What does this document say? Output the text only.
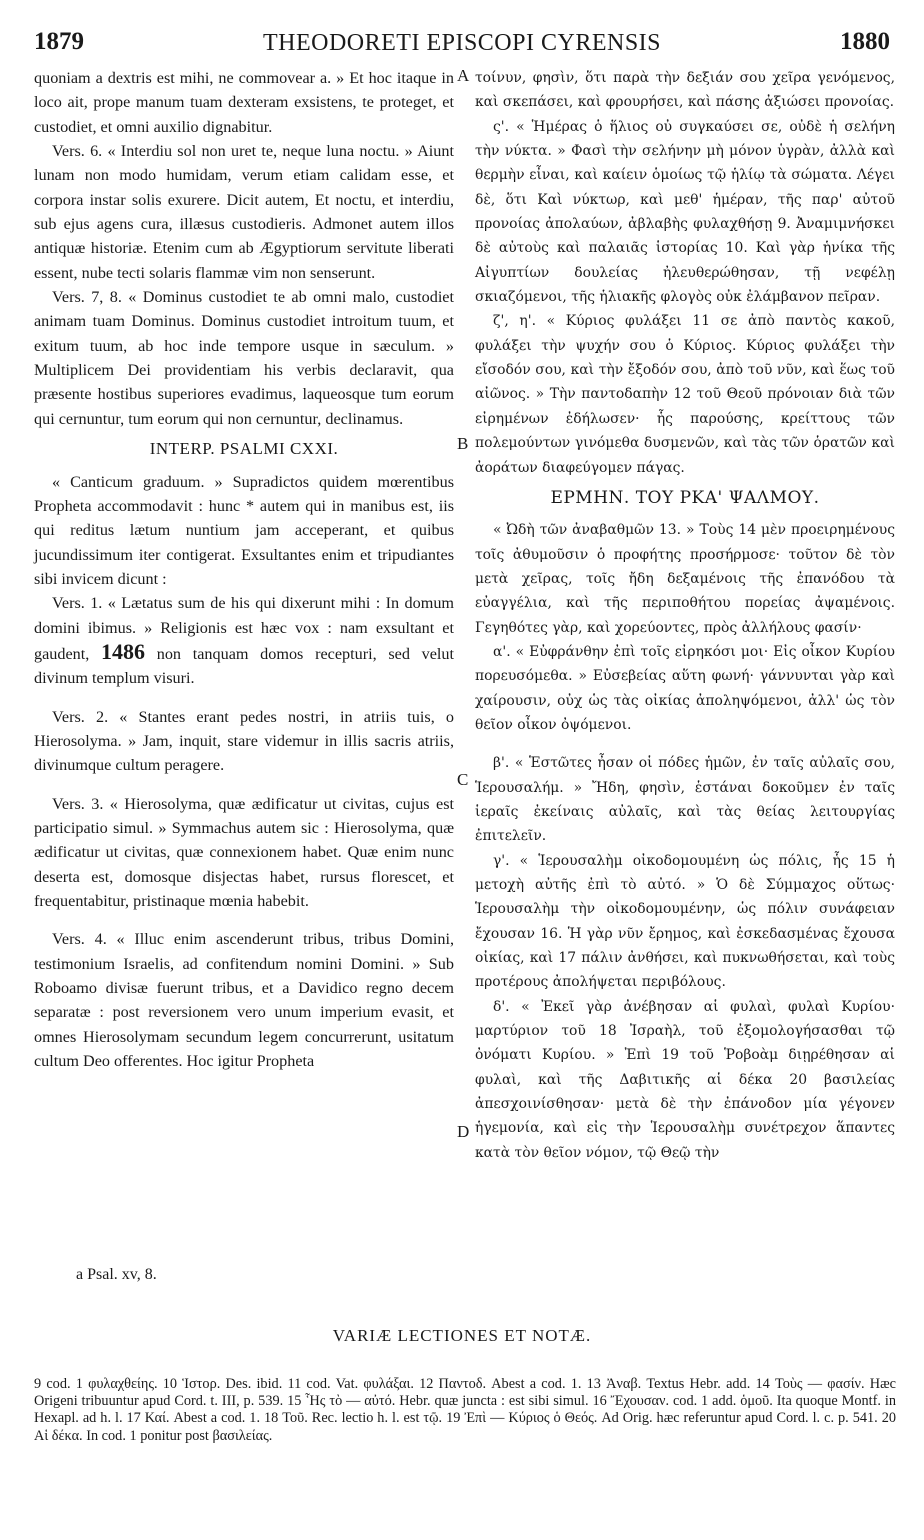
1879	THEODORETI EPISCOPI CYRENSIS	1880

quoniam a dextris est mihi, ne commovear a. » Et hoc itaque in loco ait, prope manum tuam dexteram exsistens, te proteget, et custodiet, et omni auxilio dignabitur.

Vers. 6. « Interdiu sol non uret te, neque luna noctu. » Aiunt lunam non modo humidam, verum etiam calidam esse, et corpora instar solis exurere. Dicit autem, Et noctu, et interdiu, sub ejus agens cura, illæsus custodieris. Admonet autem illos antiquæ historiæ. Etenim cum ab Ægyptiorum servitute liberati essent, nube tecti solaris flammæ vim non senserunt.

Vers. 7, 8. « Dominus custodiet te ab omni malo, custodiet animam tuam Dominus. Dominus custodiet introitum tuum, et exitum tuum, ab hoc inde tempore usque in sæculum. » Multiplicem Dei providentiam his verbis declaravit, qua præsente hostibus superiores evadimus, laqueosque tum eorum qui cernuntur, tum eorum qui non cernuntur, declinamus.

INTERP. PSALMI CXXI.

« Canticum graduum. » Supradictos quidem mœrentibus Propheta accommodavit : hunc * autem qui in manibus est, iis qui reditus lætum nuntium jam acceperant, et quibus jucundissimum iter contigerat. Exsultantes enim et tripudiantes sibi invicem dicunt :

Vers. 1. « Lætatus sum de his qui dixerunt mihi : In domum domini ibimus. » Religionis est hæc vox : nam exsultant et gaudent, 1486 non tanquam domos recepturi, sed velut divinum templum visuri.

Vers. 2. « Stantes erant pedes nostri, in atriis tuis, o Hierosolyma. » Jam, inquit, stare videmur in illis sacris atriis, divinumque cultum peragere.

Vers. 3. « Hierosolyma, quæ ædificatur ut civitas, cujus est participatio simul. » Symmachus autem sic : Hierosolyma, quæ ædificatur ut civitas, quæ connexionem habet. Quæ enim nunc deserta est, domosque disjectas habet, rursus florescet, et frequentabitur, pristinaque mœnia habebit.

Vers. 4. « Illuc enim ascenderunt tribus, tribus Domini, testimonium Israelis, ad confitendum nomini Domini. » Sub Roboamo divisæ fuerunt tribus, et a Davidico regno decem separatæ : post reversionem vero unum imperium evasit, et omnes Hierosolymam secundum legem concurrerunt, usitatum cultum Deo offerentes. Hoc igitur Propheta

A
B
C
D

τοίνυν, φησὶν, ὅτι παρὰ τὴν δεξιάν σου χεῖρα γενόμενος, καὶ σκεπάσει, καὶ φρουρήσει, καὶ πάσης ἀξιώσει προνοίας.

ς'. « Ἡμέρας ὁ ἥλιος οὐ συγκαύσει σε, οὐδὲ ἡ σελήνη τὴν νύκτα. » Φασὶ τὴν σελήνην μὴ μόνον ὑγρὰν, ἀλλὰ καὶ θερμὴν εἶναι, καὶ καίειν ὁμοίως τῷ ἡλίῳ τὰ σώματα. Λέγει δὲ, ὅτι Καὶ νύκτωρ, καὶ μεθ' ἡμέραν, τῆς παρ' αὐτοῦ προνοίας ἀπολαύων, ἀβλαβὴς φυλαχθήσῃ 9. Ἀναμιμνήσκει δὲ αὐτοὺς καὶ παλαιᾶς ἱστορίας 10. Καὶ γὰρ ἡνίκα τῆς Αἰγυπτίων δουλείας ἠλευθερώθησαν, τῇ νεφέλῃ σκιαζόμενοι, τῆς ἡλιακῆς φλογὸς οὐκ ἐλάμβανον πεῖραν.

ζ', η'. « Κύριος φυλάξει 11 σε ἀπὸ παντὸς κακοῦ, φυλάξει τὴν ψυχήν σου ὁ Κύριος. Κύριος φυλάξει τὴν εἴσοδόν σου, καὶ τὴν ἔξοδόν σου, ἀπὸ τοῦ νῦν, καὶ ἕως τοῦ αἰῶνος. » Τὴν παντοδαπὴν 12 τοῦ Θεοῦ πρόνοιαν διὰ τῶν εἰρημένων ἐδήλωσεν· ἧς παρούσης, κρείττους τῶν πολεμούντων γινόμεθα δυσμενῶν, καὶ τὰς τῶν ὁρατῶν καὶ ἀοράτων διαφεύγομεν πάγας.

ΕΡΜΗΝ. ΤΟΥ ΡΚΑ' ΨΑΛΜΟΥ.

« Ὠδὴ τῶν ἀναβαθμῶν 13. » Τοὺς 14 μὲν προειρημένους τοῖς ἀθυμοῦσιν ὁ προφήτης προσήρμοσε· τοῦτον δὲ τὸν μετὰ χεῖρας, τοῖς ἤδη δεξαμένοις τῆς ἐπανόδου τὰ εὐαγγέλια, καὶ τῆς περιποθήτου πορείας ἀψαμένοις. Γεγηθότες γὰρ, καὶ χορεύοντες, πρὸς ἀλλήλους φασίν·

α'. « Εὐφράνθην ἐπὶ τοῖς εἰρηκόσι μοι· Εἰς οἶκον Κυρίου πορευσόμεθα. » Εὐσεβείας αὕτη φωνή· γάννυνται γὰρ καὶ χαίρουσιν, οὐχ ὡς τὰς οἰκίας ἀποληψόμενοι, ἀλλ' ὡς τὸν θεῖον οἶκον ὀψόμενοι.

β'. « Ἑστῶτες ἦσαν οἱ πόδες ἡμῶν, ἐν ταῖς αὐλαῖς σου, Ἱερουσαλήμ. » Ἤδη, φησὶν, ἑστάναι δοκοῦμεν ἐν ταῖς ἱεραῖς ἐκείναις αὐλαῖς, καὶ τὰς θείας λειτουργίας ἐπιτελεῖν.

γ'. « Ἱερουσαλὴμ οἰκοδομουμένη ὡς πόλις, ἧς 15 ἡ μετοχὴ αὐτῆς ἐπὶ τὸ αὐτό. » Ὁ δὲ Σύμμαχος οὕτως· Ἱερουσαλὴμ τὴν οἰκοδομουμένην, ὡς πόλιν συνάφειαν ἔχουσαν 16. Ἡ γὰρ νῦν ἔρημος, καὶ ἐσκεδασμένας ἔχουσα οἰκίας, καὶ 17 πάλιν ἀνθήσει, καὶ πυκνωθήσεται, καὶ τοὺς προτέρους ἀπολήψεται περιβόλους.

δ'. « Ἐκεῖ γὰρ ἀνέβησαν αἱ φυλαὶ, φυλαὶ Κυρίου· μαρτύριον τοῦ 18 Ἰσραὴλ, τοῦ ἐξομολογήσασθαι τῷ ὀνόματι Κυρίου. » Ἐπὶ 19 τοῦ Ῥοβοὰμ διῃρέθησαν αἱ φυλαὶ, καὶ τῆς Δαβιτικῆς αἱ δέκα 20 βασιλείας ἀπεσχοινίσθησαν· μετὰ δὲ τὴν ἐπάνοδον μία γέγονεν ἡγεμονία, καὶ εἰς τὴν Ἱερουσαλὴμ συνέτρεχον ἅπαντες κατὰ τὸν θεῖον νόμον, τῷ Θεῷ τὴν

a Psal. xv, 8.
VARIÆ LECTIONES ET NOTÆ.

9 cod. 1 φυλαχθείης. 10 Ἱστορ. Des. ibid. 11 cod. Vat. φυλάξαι. 12 Παντοδ. Abest a cod. 1. 13 Ἀναβ. Textus Hebr. add. 14 Τοὺς — φασίν. Hæc Origeni tribuuntur apud Cord. t. III, p. 539. 15 Ἧς τὸ — αὐτό. Hebr. quæ juncta : est sibi simul. 16 Ἔχουσαν. cod. 1 add. ὁμοῦ. Ita quoque Montf. in Hexapl. ad h. l. 17 Καί. Abest a cod. 1. 18 Τοῦ. Rec. lectio h. l. est τῷ. 19 Ἐπὶ — Κύριος ὁ Θεός. Ad Orig. hæc referuntur apud Cord. l. c. p. 541. 20 Αἱ δέκα. In cod. 1 ponitur post βασιλείας.
